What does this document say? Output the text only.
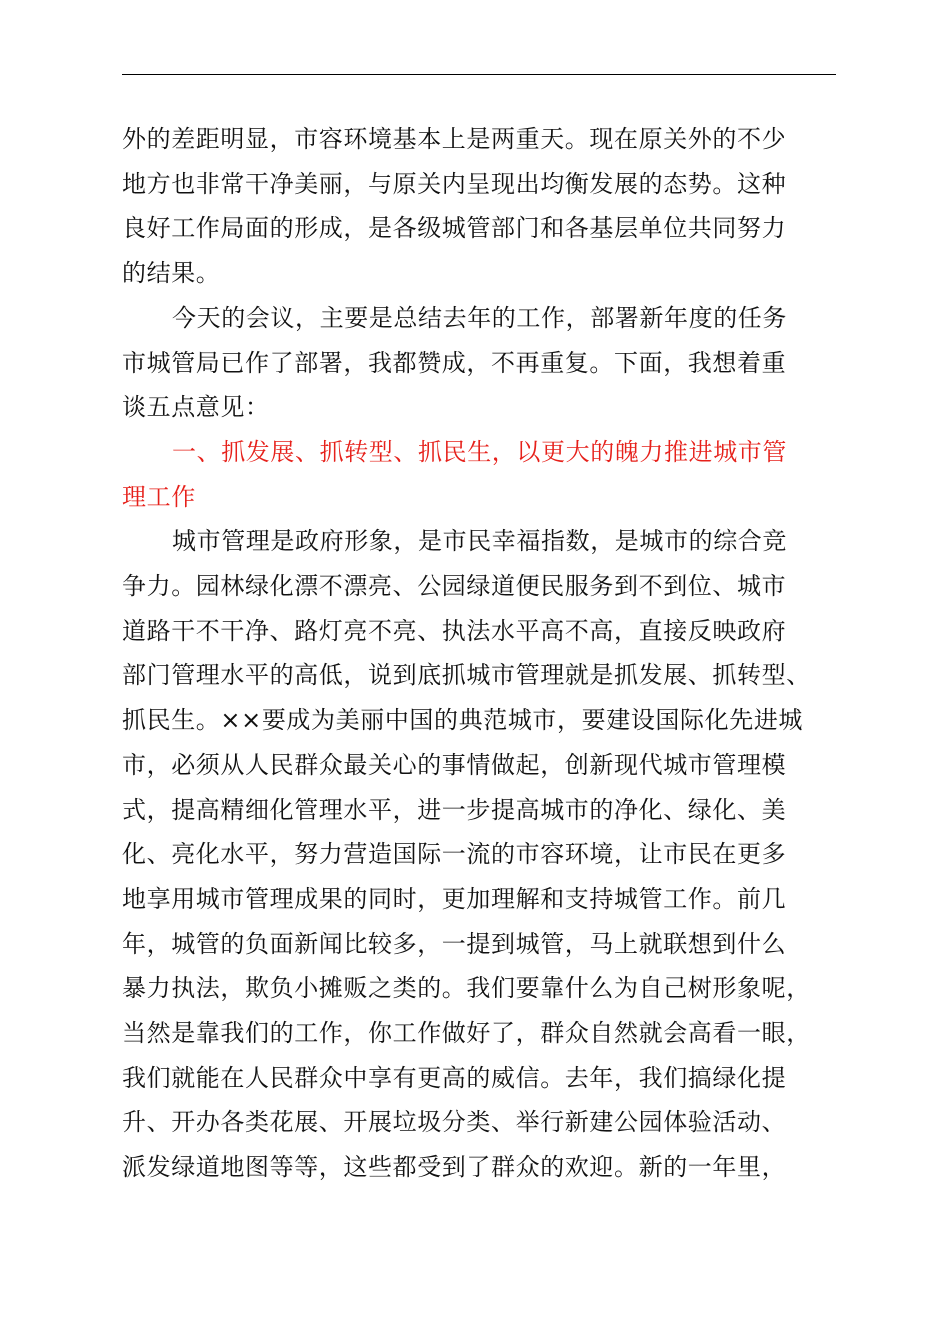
外的差距明显，市容环境基本上是两重天。现在原关外的不少
地方也非常干净美丽，与原关内呈现出均衡发展的态势。这种
良好工作局面的形成，是各级城管部门和各基层单位共同努力
的结果。

今天的会议，主要是总结去年的工作，部署新年度的任务
市城管局已作了部署，我都赞成，不再重复。下面，我想着重
谈五点意见：

一、抓发展、抓转型、抓民生，以更大的魄力推进城市管
理工作

城市管理是政府形象，是市民幸福指数，是城市的综合竞
争力。园林绿化漂不漂亮、公园绿道便民服务到不到位、城市
道路干不干净、路灯亮不亮、执法水平高不高，直接反映政府
部门管理水平的高低，说到底抓城市管理就是抓发展、抓转型、
抓民生。××要成为美丽中国的典范城市，要建设国际化先进城
市，必须从人民群众最关心的事情做起，创新现代城市管理模
式，提高精细化管理水平，进一步提高城市的净化、绿化、美
化、亮化水平，努力营造国际一流的市容环境，让市民在更多
地享用城市管理成果的同时，更加理解和支持城管工作。前几
年，城管的负面新闻比较多，一提到城管，马上就联想到什么
暴力执法，欺负小摊贩之类的。我们要靠什么为自己树形象呢，
当然是靠我们的工作，你工作做好了，群众自然就会高看一眼，
我们就能在人民群众中享有更高的威信。去年，我们搞绿化提
升、开办各类花展、开展垃圾分类、举行新建公园体验活动、
派发绿道地图等等，这些都受到了群众的欢迎。新的一年里，
